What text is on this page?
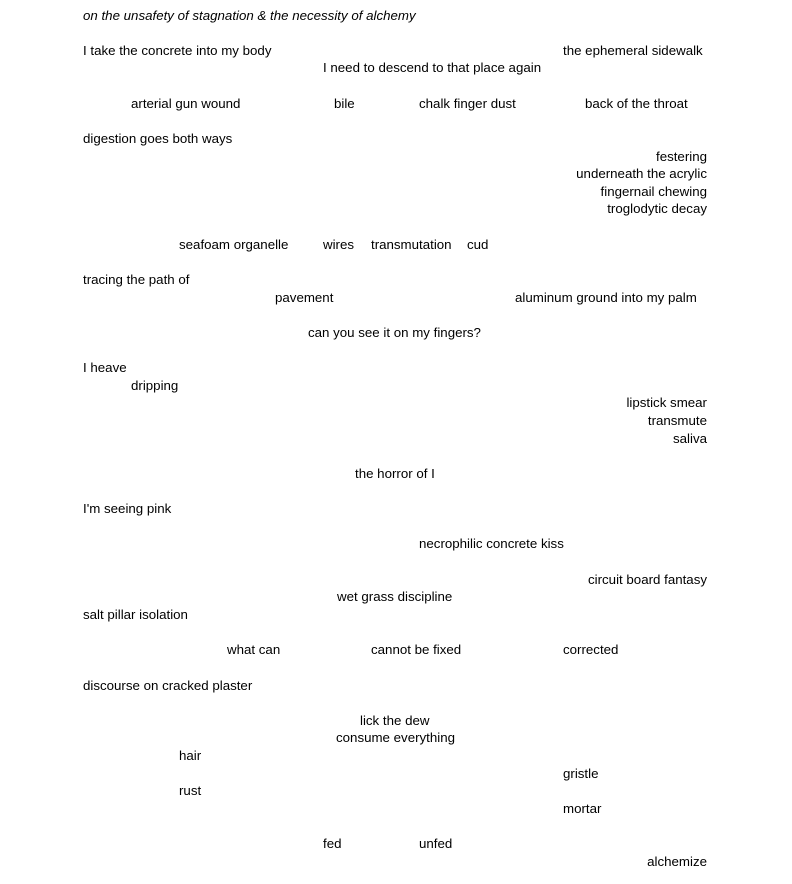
on the unsafety of stagnation & the necessity of alchemy
I take the concrete into my body	the ephemeral sidewalk
I need to descend to that place again
arterial gun wound	bile	chalk finger dust	back of the throat
digestion goes both ways
festering
underneath the acrylic
fingernail chewing
troglodytic decay
seafoam organelle	wires transmutation cud
tracing the path of
pavement	aluminum ground into my palm
can you see it on my fingers?
I heave
dripping
lipstick smear
transmute
saliva
the horror of I
I'm seeing pink
necrophilic concrete kiss
circuit board fantasy
wet grass discipline
salt pillar isolation
what can	cannot be fixed	corrected
discourse on cracked plaster
lick the dew
consume everything
hair
gristle
rust
mortar
fed	unfed
alchemize
